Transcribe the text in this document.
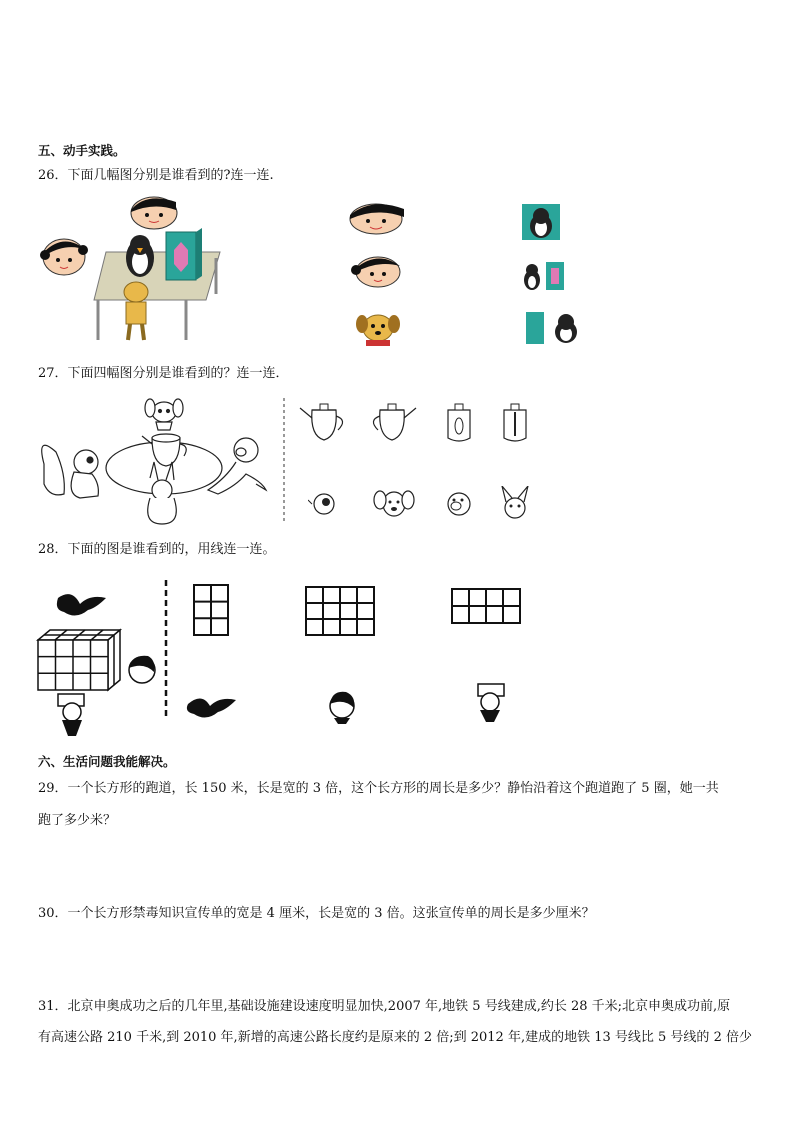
五、动手实践。
26．下面几幅图分别是谁看到的?连一连.
27．下面四幅图分别是谁看到的？连一连．
28．下面的图是谁看到的，用线连一连。
六、生活问题我能解决。
29．一个长方形的跑道，长 150 米，长是宽的 3 倍，这个长方形的周长是多少？静怡沿着这个跑道跑了 5 圈，她一共
跑了多少米？
30．一个长方形禁毒知识宣传单的宽是 4 厘米，长是宽的 3 倍。这张宣传单的周长是多少厘米？
31．北京申奥成功之后的几年里,基础设施建设速度明显加快,2007 年,地铁 5 号线建成,约长 28 千米;北京申奥成功前,原
有高速公路 210 千米,到 2010 年,新增的高速公路长度约是原来的 2 倍;到 2012 年,建成的地铁 13 号线比 5 号线的 2 倍少
